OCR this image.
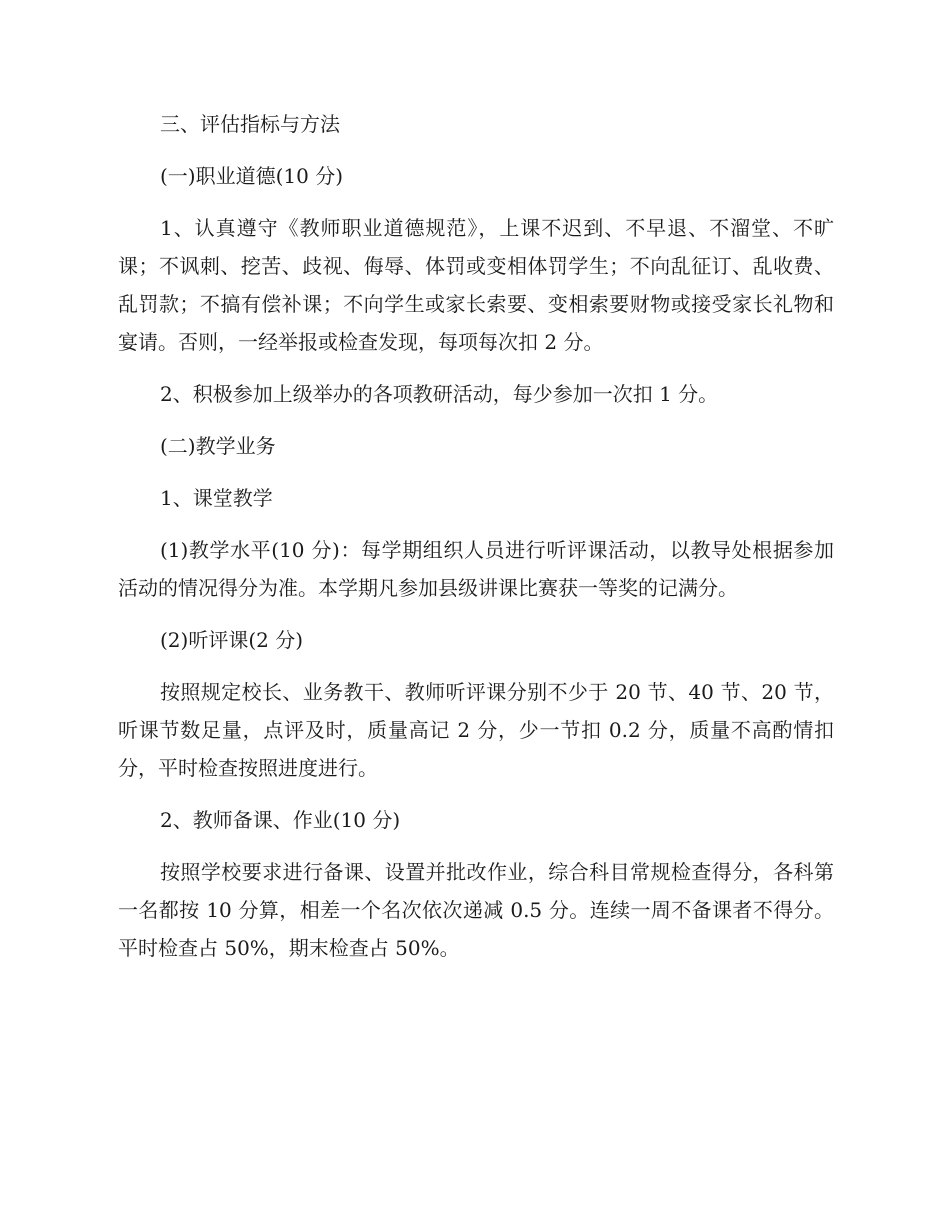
三、评估指标与方法

(一)职业道德(10 分)

1、认真遵守《教师职业道德规范》，上课不迟到、不早退、不溜堂、不旷课；不讽刺、挖苦、歧视、侮辱、体罚或变相体罚学生；不向乱征订、乱收费、乱罚款；不搞有偿补课；不向学生或家长索要、变相索要财物或接受家长礼物和宴请。否则，一经举报或检查发现，每项每次扣 2 分。

2、积极参加上级举办的各项教研活动，每少参加一次扣 1 分。

(二)教学业务

1、课堂教学

(1)教学水平(10 分)：每学期组织人员进行听评课活动，以教导处根据参加活动的情况得分为准。本学期凡参加县级讲课比赛获一等奖的记满分。

(2)听评课(2 分)

按照规定校长、业务教干、教师听评课分别不少于 20 节、40 节、20 节，听课节数足量，点评及时，质量高记 2 分，少一节扣 0.2 分，质量不高酌情扣分，平时检查按照进度进行。

2、教师备课、作业(10 分)

按照学校要求进行备课、设置并批改作业，综合科目常规检查得分，各科第一名都按 10 分算，相差一个名次依次递减 0.5 分。连续一周不备课者不得分。平时检查占 50%，期末检查占 50%。
